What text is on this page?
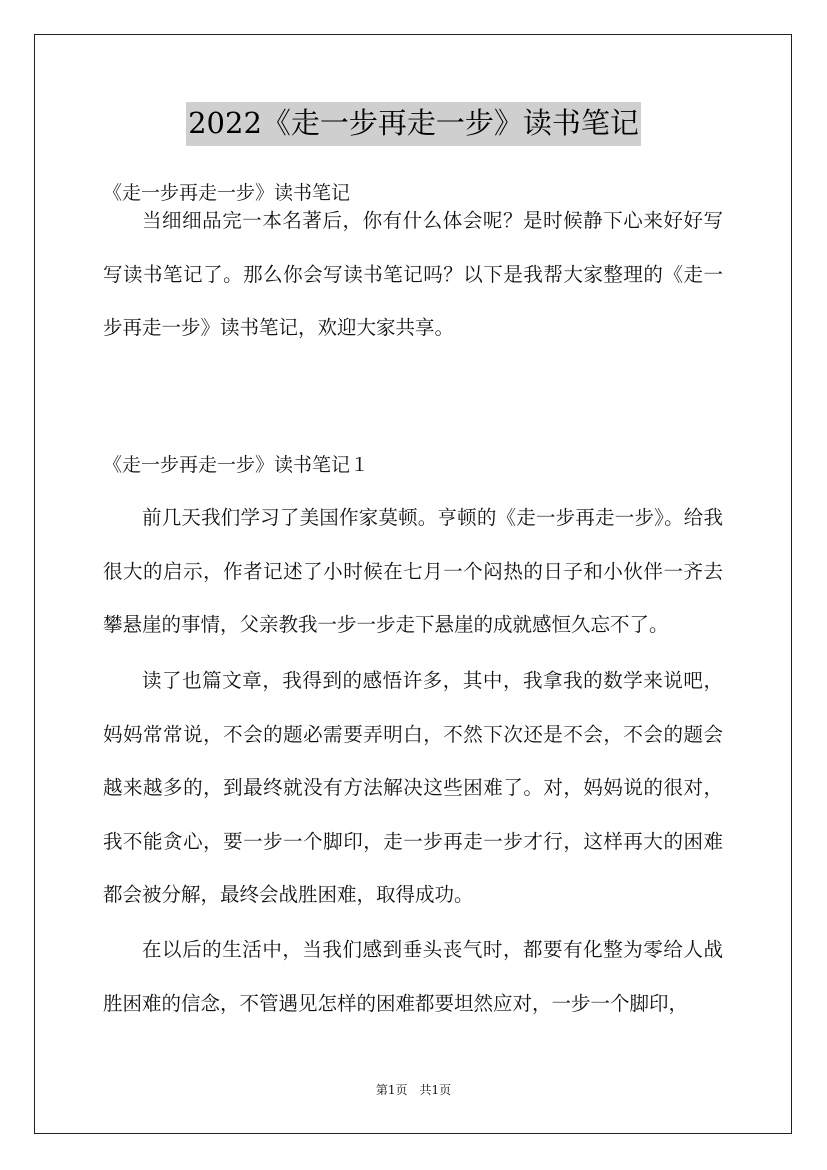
2022《走一步再走一步》读书笔记
《走一步再走一步》读书笔记

当细细品完一本名著后，你有什么体会呢？是时候静下心来好好写写读书笔记了。那么你会写读书笔记吗？以下是我帮大家整理的《走一步再走一步》读书笔记，欢迎大家共享。

《走一步再走一步》读书笔记１

前几天我们学习了美国作家莫顿。亨顿的《走一步再走一步》。给我很大的启示，作者记述了小时候在七月一个闷热的日子和小伙伴一齐去攀悬崖的事情，父亲教我一步一步走下悬崖的成就感恒久忘不了。

读了也篇文章，我得到的感悟许多，其中，我拿我的数学来说吧，妈妈常常说，不会的题必需要弄明白，不然下次还是不会，不会的题会越来越多的，到最终就没有方法解决这些困难了。对，妈妈说的很对，我不能贪心，要一步一个脚印，走一步再走一步才行，这样再大的困难都会被分解，最终会战胜困难，取得成功。

在以后的生活中，当我们感到垂头丧气时，都要有化整为零给人战胜困难的信念，不管遇见怎样的困难都要坦然应对，一步一个脚印，

第1页　共1页
